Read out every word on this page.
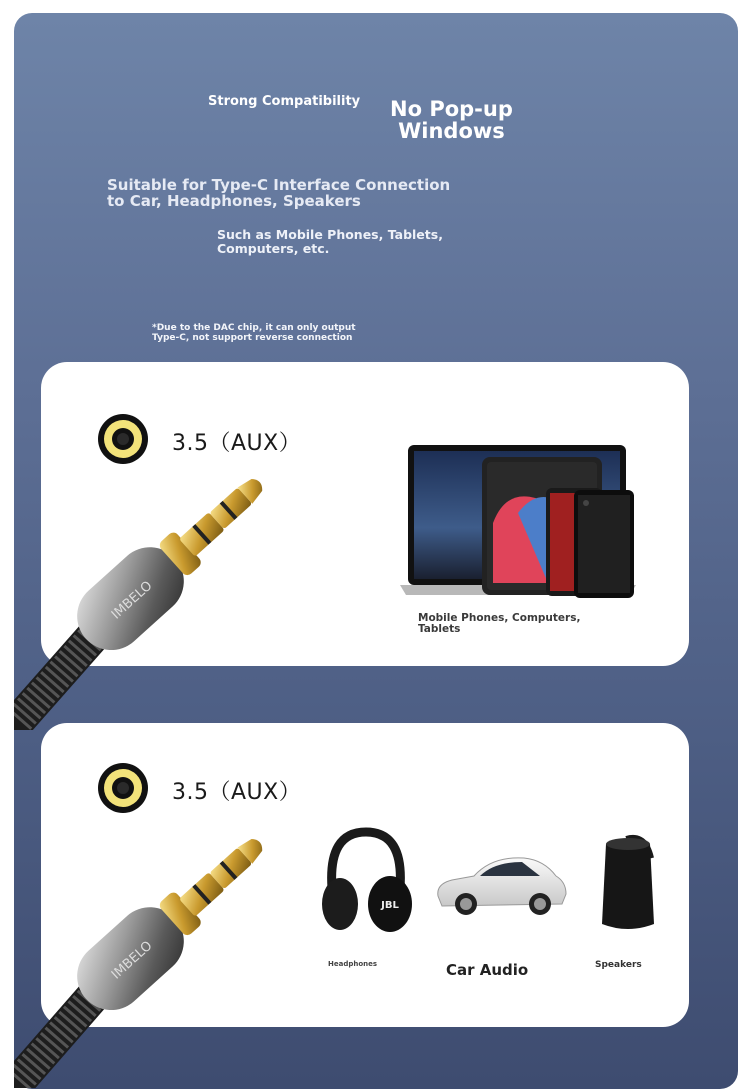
Strong Compatibility No Pop-up
Windows
Suitable for Type-C Interface Connection
to Car, Headphones, Speakers
Such as Mobile Phones, Tablets,
Computers, etc.
*Due to the DAC chip, it can only output
Type-C, not support reverse connection
3.5（AUX）
IMBELO	Mobile Phones, Computers,
Tablets
3.5（AUX）
IMBELO
JBL
Headphones	Car Audio	Speakers
